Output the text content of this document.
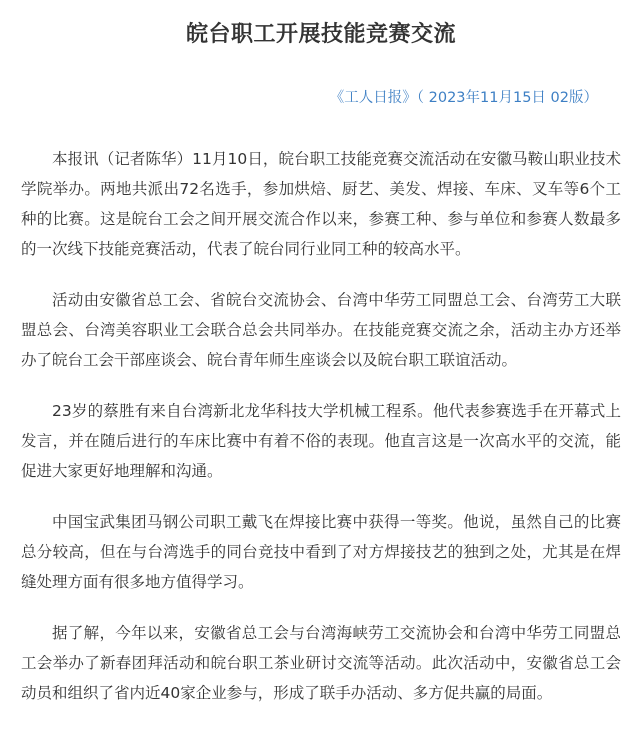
皖台职工开展技能竞赛交流
《工人日报》（ 2023年11月15日 02版）

本报讯（记者陈华）11月10日，皖台职工技能竞赛交流活动在安徽马鞍山职业技术学院举办。两地共派出72名选手，参加烘焙、厨艺、美发、焊接、车床、叉车等6个工种的比赛。这是皖台工会之间开展交流合作以来，参赛工种、参与单位和参赛人数最多的一次线下技能竞赛活动，代表了皖台同行业同工种的较高水平。

活动由安徽省总工会、省皖台交流协会、台湾中华劳工同盟总工会、台湾劳工大联盟总会、台湾美容职业工会联合总会共同举办。在技能竞赛交流之余，活动主办方还举办了皖台工会干部座谈会、皖台青年师生座谈会以及皖台职工联谊活动。

23岁的蔡胜有来自台湾新北龙华科技大学机械工程系。他代表参赛选手在开幕式上发言，并在随后进行的车床比赛中有着不俗的表现。他直言这是一次高水平的交流，能促进大家更好地理解和沟通。

中国宝武集团马钢公司职工戴飞在焊接比赛中获得一等奖。他说，虽然自己的比赛总分较高，但在与台湾选手的同台竞技中看到了对方焊接技艺的独到之处，尤其是在焊缝处理方面有很多地方值得学习。

据了解，今年以来，安徽省总工会与台湾海峡劳工交流协会和台湾中华劳工同盟总工会举办了新春团拜活动和皖台职工茶业研讨交流等活动。此次活动中，安徽省总工会动员和组织了省内近40家企业参与，形成了联手办活动、多方促共赢的局面。
